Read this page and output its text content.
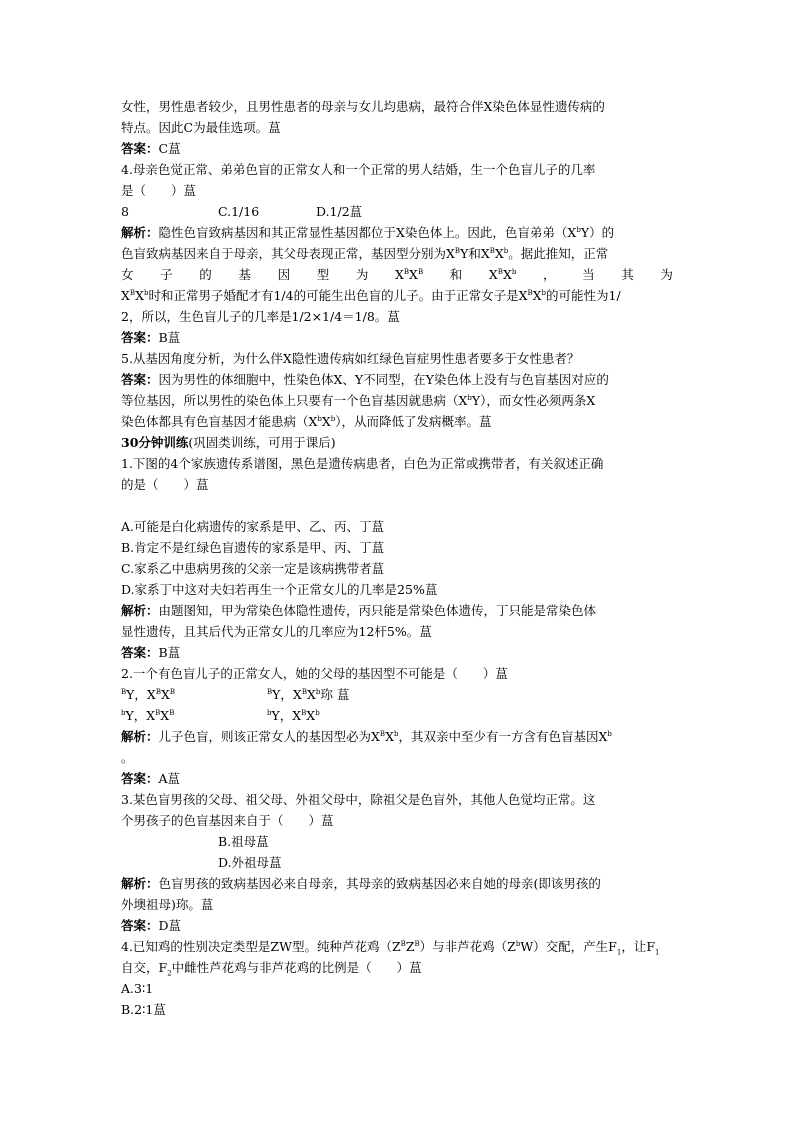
女性，男性患者较少，且男性患者的母亲与女儿均患病，最符合伴X染色体显性遗传病的
特点。因此C为最佳选项。蒀
答案：C蒀
4.母亲色觉正常、弟弟色盲的正常女人和一个正常的男人结婚，生一个色盲儿子的几率
是（　　）蒀
8	C.1/16	D.1/2蒀
解析：隐性色盲致病基因和其正常显性基因都位于X染色体上。因此，色盲弟弟$(X^bY)$的
色盲致病基因来自于母亲，其父母表现正常，基因型分别为$X^BY$和$X^BX^b$。据此推知，正常
女 子 的 基 因 型 为 $X^BX^B$ 和 $X^BX^b$ ， 当 其 为
$X^BX^b$时和正常男子婚配才有1/4的可能生出色盲的儿子。由于正常女子是$X^BX^b$的可能性为1/
2，所以，生色盲儿子的几率是1/2×1/4＝1/8。蒀
答案：B蒀
5.从基因角度分析，为什么伴X隐性遗传病如红绿色盲症男性患者要多于女性患者？
答案：因为男性的体细胞中，性染色体X、Y不同型，在Y染色体上没有与色盲基因对应的
等位基因，所以男性的染色体上只要有一个色盲基因就患病$(X^bY)$，而女性必须两条X
染色体都具有色盲基因才能患病$(X^bX^b)$，从而降低了发病概率。蒀
30分钟训练(巩固类训练，可用于课后)
1.下图的4个家族遗传系谱图，黑色是遗传病患者，白色为正常或携带者，有关叙述正确
的是（　　）蒀
A.可能是白化病遗传的家系是甲、乙、丙、丁蒀
B.肯定不是红绿色盲遗传的家系是甲、丙、丁蒀
C.家系乙中患病男孩的父亲一定是该病携带者蒀
D.家系丁中这对夫妇若再生一个正常女儿的几率是25%蒀
解析：由题图知，甲为常染色体隐性遗传，丙只能是常染色体遗传，丁只能是常染色体
显性遗传，且其后代为正常女儿的几率应为12杆5%。蒀
答案：B蒀
2.一个有色盲儿子的正常女人，她的父母的基因型不可能是（　　）蒀
$^B$Y，$X^BX^B$	$^B$Y，$X^BX^b$珎 蒀
$^b$Y，$X^BX^B$	$^b$Y，$X^BX^b$
解析：儿子色盲，则该正常女人的基因型必为$X^BX^b$，其双亲中至少有一方含有色盲基因$X^b$
。
答案：A蒀
3.某色盲男孩的父母、祖父母、外祖父母中，除祖父是色盲外，其他人色觉均正常。这
个男孩子的色盲基因来自于（　　）蒀
B.祖母蒀
D.外祖母蒀
解析：色盲男孩的致病基因必来自母亲，其母亲的致病基因必来自她的母亲(即该男孩的
外墺祖母)珎。蒀
答案：D蒀
4.已知鸡的性别决定类型是ZW型。纯种芦花鸡$(Z^BZ^B)$与非芦花鸡$(Z^bW)$交配，产生$F_1$，让$F_1$
自交，$F_2$中雌性芦花鸡与非芦花鸡的比例是（　　）蒀
A.3∶1
B.2∶1蒀
